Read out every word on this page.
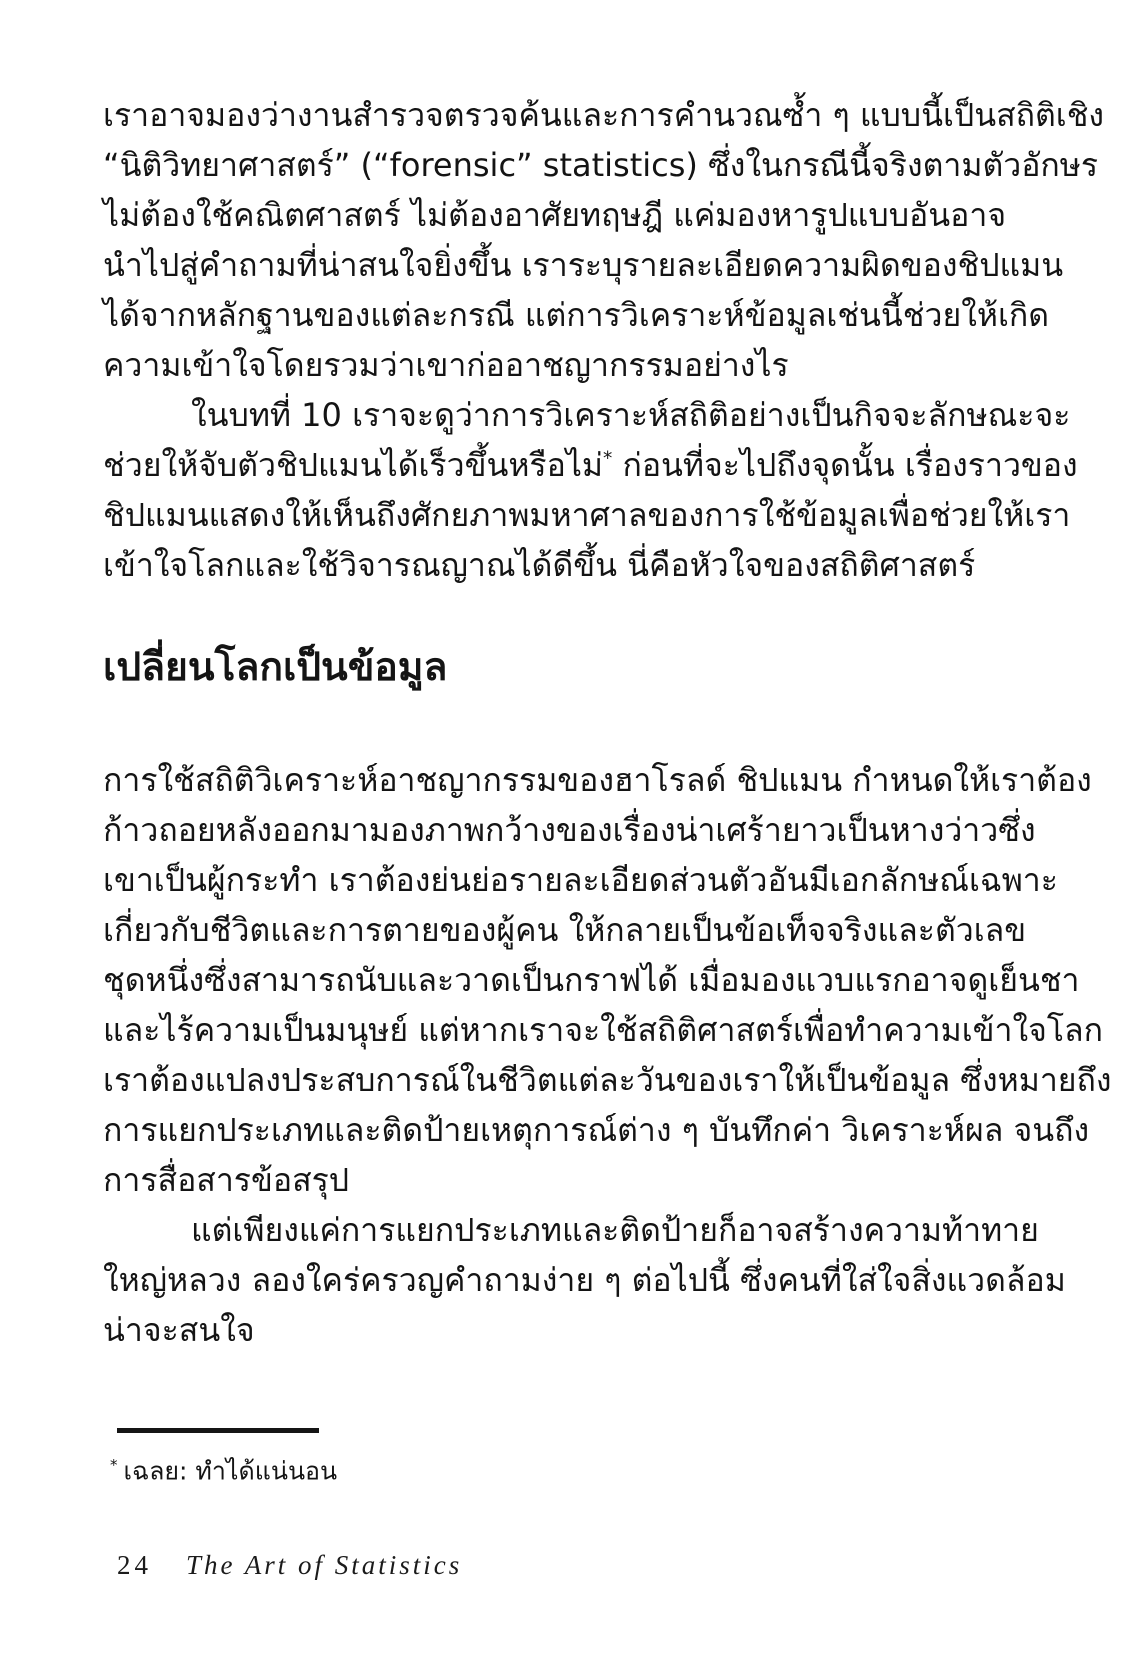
เราอาจมองว่างานสำรวจตรวจค้นและการคำนวณซ้ำ ๆ แบบนี้เป็นสถิติเชิง
“นิติวิทยาศาสตร์” (“forensic” statistics) ซึ่งในกรณีนี้จริงตามตัวอักษร
ไม่ต้องใช้คณิตศาสตร์ ไม่ต้องอาศัยทฤษฎี แค่มองหารูปแบบอันอาจ
นำไปสู่คำถามที่น่าสนใจยิ่งขึ้น เราระบุรายละเอียดความผิดของชิปแมน
ได้จากหลักฐานของแต่ละกรณี แต่การวิเคราะห์ข้อมูลเช่นนี้ช่วยให้เกิด
ความเข้าใจโดยรวมว่าเขาก่ออาชญากรรมอย่างไร
ในบทที่ 10 เราจะดูว่าการวิเคราะห์สถิติอย่างเป็นกิจจะลักษณะจะ
ช่วยให้จับตัวชิปแมนได้เร็วขึ้นหรือไม่* ก่อนที่จะไปถึงจุดนั้น เรื่องราวของ
ชิปแมนแสดงให้เห็นถึงศักยภาพมหาศาลของการใช้ข้อมูลเพื่อช่วยให้เรา
เข้าใจโลกและใช้วิจารณญาณได้ดีขึ้น นี่คือหัวใจของสถิติศาสตร์
เปลี่ยนโลกเป็นข้อมูล
การใช้สถิติวิเคราะห์อาชญากรรมของฮาโรลด์ ชิปแมน กำหนดให้เราต้อง
ก้าวถอยหลังออกมามองภาพกว้างของเรื่องน่าเศร้ายาวเป็นหางว่าวซึ่ง
เขาเป็นผู้กระทำ เราต้องย่นย่อรายละเอียดส่วนตัวอันมีเอกลักษณ์เฉพาะ
เกี่ยวกับชีวิตและการตายของผู้คน ให้กลายเป็นข้อเท็จจริงและตัวเลข
ชุดหนึ่งซึ่งสามารถนับและวาดเป็นกราฟได้ เมื่อมองแวบแรกอาจดูเย็นชา
และไร้ความเป็นมนุษย์ แต่หากเราจะใช้สถิติศาสตร์เพื่อทำความเข้าใจโลก
เราต้องแปลงประสบการณ์ในชีวิตแต่ละวันของเราให้เป็นข้อมูล ซึ่งหมายถึง
การแยกประเภทและติดป้ายเหตุการณ์ต่าง ๆ บันทึกค่า วิเคราะห์ผล จนถึง
การสื่อสารข้อสรุป
แต่เพียงแค่การแยกประเภทและติดป้ายก็อาจสร้างความท้าทาย
ใหญ่หลวง ลองใคร่ครวญคำถามง่าย ๆ ต่อไปนี้ ซึ่งคนที่ใส่ใจสิ่งแวดล้อม
น่าจะสนใจ
* เฉลย: ทำได้แน่นอน
24 The Art of Statistics
